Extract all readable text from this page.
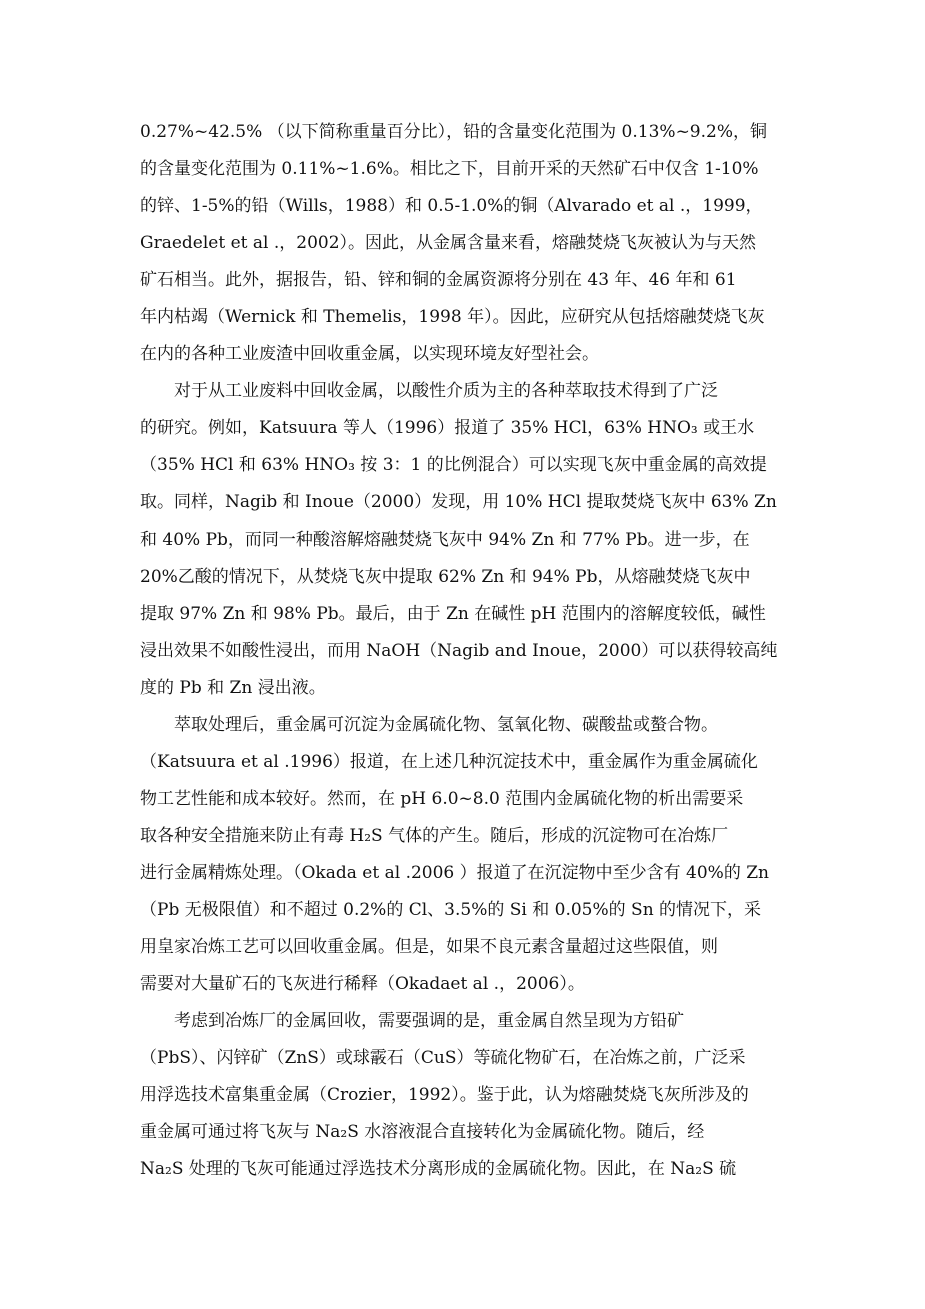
0.27%~42.5% （以下简称重量百分比），铅的含量变化范围为 0.13%~9.2%，铜
的含量变化范围为 0.11%~1.6%。相比之下，目前开采的天然矿石中仅含 1-10%
的锌、1-5%的铅（Wills，1988）和 0.5-1.0%的铜（Alvarado et al .，1999，
Graedelet et al .，2002）。因此，从金属含量来看，熔融焚烧飞灰被认为与天然
矿石相当。此外，据报告，铅、锌和铜的金属资源将分别在 43 年、46 年和 61
年内枯竭（Wernick 和 Themelis，1998 年）。因此，应研究从包括熔融焚烧飞灰
在内的各种工业废渣中回收重金属，以实现环境友好型社会。
对于从工业废料中回收金属，以酸性介质为主的各种萃取技术得到了广泛
的研究。例如，Katsuura 等人（1996）报道了 35% HCl，63% HNO₃ 或王水
（35% HCl 和 63% HNO₃ 按 3：1 的比例混合）可以实现飞灰中重金属的高效提
取。同样，Nagib 和 Inoue（2000）发现，用 10% HCl 提取焚烧飞灰中 63% Zn
和 40% Pb，而同一种酸溶解熔融焚烧飞灰中 94% Zn 和 77% Pb。进一步，在
20%乙酸的情况下，从焚烧飞灰中提取 62% Zn 和 94% Pb，从熔融焚烧飞灰中
提取 97% Zn 和 98% Pb。最后，由于 Zn 在碱性 pH 范围内的溶解度较低，碱性
浸出效果不如酸性浸出，而用 NaOH（Nagib and Inoue，2000）可以获得较高纯
度的 Pb 和 Zn 浸出液。
萃取处理后，重金属可沉淀为金属硫化物、氢氧化物、碳酸盐或螯合物。
（Katsuura et al .1996）报道，在上述几种沉淀技术中，重金属作为重金属硫化
物工艺性能和成本较好。然而，在 pH 6.0~8.0 范围内金属硫化物的析出需要采
取各种安全措施来防止有毒 H₂S 气体的产生。随后，形成的沉淀物可在冶炼厂
进行金属精炼处理。（Okada et al .2006 ）报道了在沉淀物中至少含有 40%的 Zn
（Pb 无极限值）和不超过 0.2%的 Cl、3.5%的 Si 和 0.05%的 Sn 的情况下，采
用皇家冶炼工艺可以回收重金属。但是，如果不良元素含量超过这些限值，则
需要对大量矿石的飞灰进行稀释（Okadaet al .，2006）。
考虑到冶炼厂的金属回收，需要强调的是，重金属自然呈现为方铅矿
（PbS）、闪锌矿（ZnS）或球霰石（CuS）等硫化物矿石，在冶炼之前，广泛采
用浮选技术富集重金属（Crozier，1992）。鉴于此，认为熔融焚烧飞灰所涉及的
重金属可通过将飞灰与 Na₂S 水溶液混合直接转化为金属硫化物。随后，经
Na₂S 处理的飞灰可能通过浮选技术分离形成的金属硫化物。因此，在 Na₂S 硫
